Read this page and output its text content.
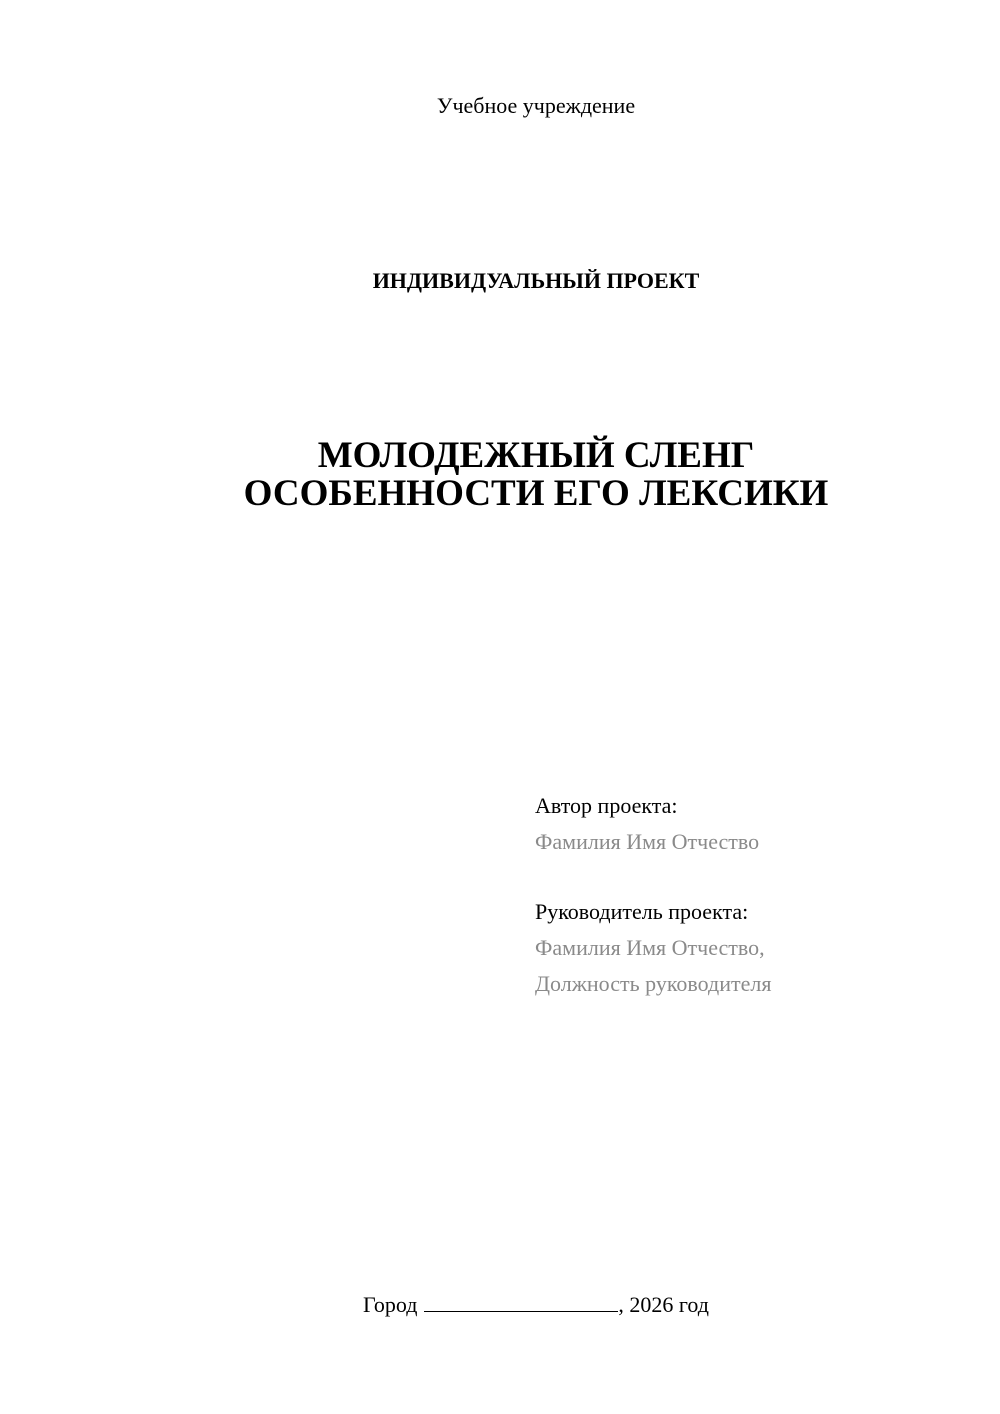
Учебное учреждение
ИНДИВИДУАЛЬНЫЙ ПРОЕКТ
МОЛОДЕЖНЫЙ СЛЕНГ
ОСОБЕННОСТИ ЕГО ЛЕКСИКИ
Автор проекта:
Фамилия Имя Отчество
Руководитель проекта:
Фамилия Имя Отчество,
Должность руководителя
Город	, 2026 год
